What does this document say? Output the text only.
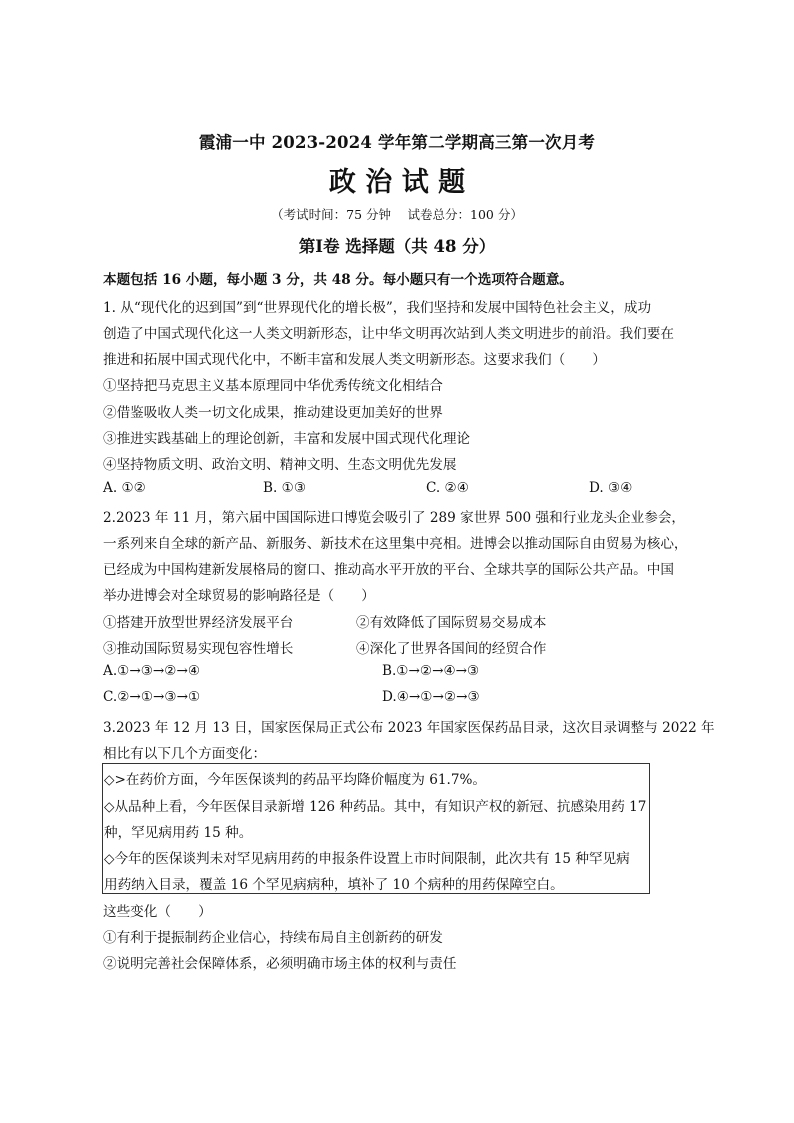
霞浦一中 2023-2024 学年第二学期高三第一次月考
政 治 试 题
（考试时间：75 分钟　 试卷总分：100 分）
第Ⅰ卷 选择题（共 48 分）
本题包括 16 小题，每小题 3 分，共 48 分。每小题只有一个选项符合题意。
1. 从“现代化的迟到国”到“世界现代化的增长极”，我们坚持和发展中国特色社会主义，成功
创造了中国式现代化这一人类文明新形态，让中华文明再次站到人类文明进步的前沿。我们要在
推进和拓展中国式现代化中，不断丰富和发展人类文明新形态。这要求我们（　　）
①坚持把马克思主义基本原理同中华优秀传统文化相结合
②借鉴吸收人类一切文化成果，推动建设更加美好的世界
③推进实践基础上的理论创新，丰富和发展中国式现代化理论
④坚持物质文明、政治文明、精神文明、生态文明优先发展
A. ①②	B. ①③	C. ②④	D. ③④
2.2023 年 11 月，第六届中国国际进口博览会吸引了 289 家世界 500 强和行业龙头企业参会，
一系列来自全球的新产品、新服务、新技术在这里集中亮相。进博会以推动国际自由贸易为核心，
已经成为中国构建新发展格局的窗口、推动高水平开放的平台、全球共享的国际公共产品。中国
举办进博会对全球贸易的影响路径是（　　）
①搭建开放型世界经济发展平台	②有效降低了国际贸易交易成本
③推动国际贸易实现包容性增长	④深化了世界各国间的经贸合作
A.①→③→②→④	B.①→②→④→③
C.②→①→③→①	D.④→①→②→③
3.2023 年 12 月 13 日，国家医保局正式公布 2023 年国家医保药品目录，这次目录调整与 2022 年
相比有以下几个方面变化：
◇>在药价方面，今年医保谈判的药品平均降价幅度为 61.7%。
◇从品种上看，今年医保目录新增 126 种药品。其中，有知识产权的新冠、抗感染用药 17
种，罕见病用药 15 种。
◇今年的医保谈判未对罕见病用药的申报条件设置上市时间限制，此次共有 15 种罕见病
用药纳入目录，覆盖 16 个罕见病病种，填补了 10 个病种的用药保障空白。
这些变化（　　）
①有利于提振制药企业信心，持续布局自主创新药的研发
②说明完善社会保障体系，必须明确市场主体的权利与责任
